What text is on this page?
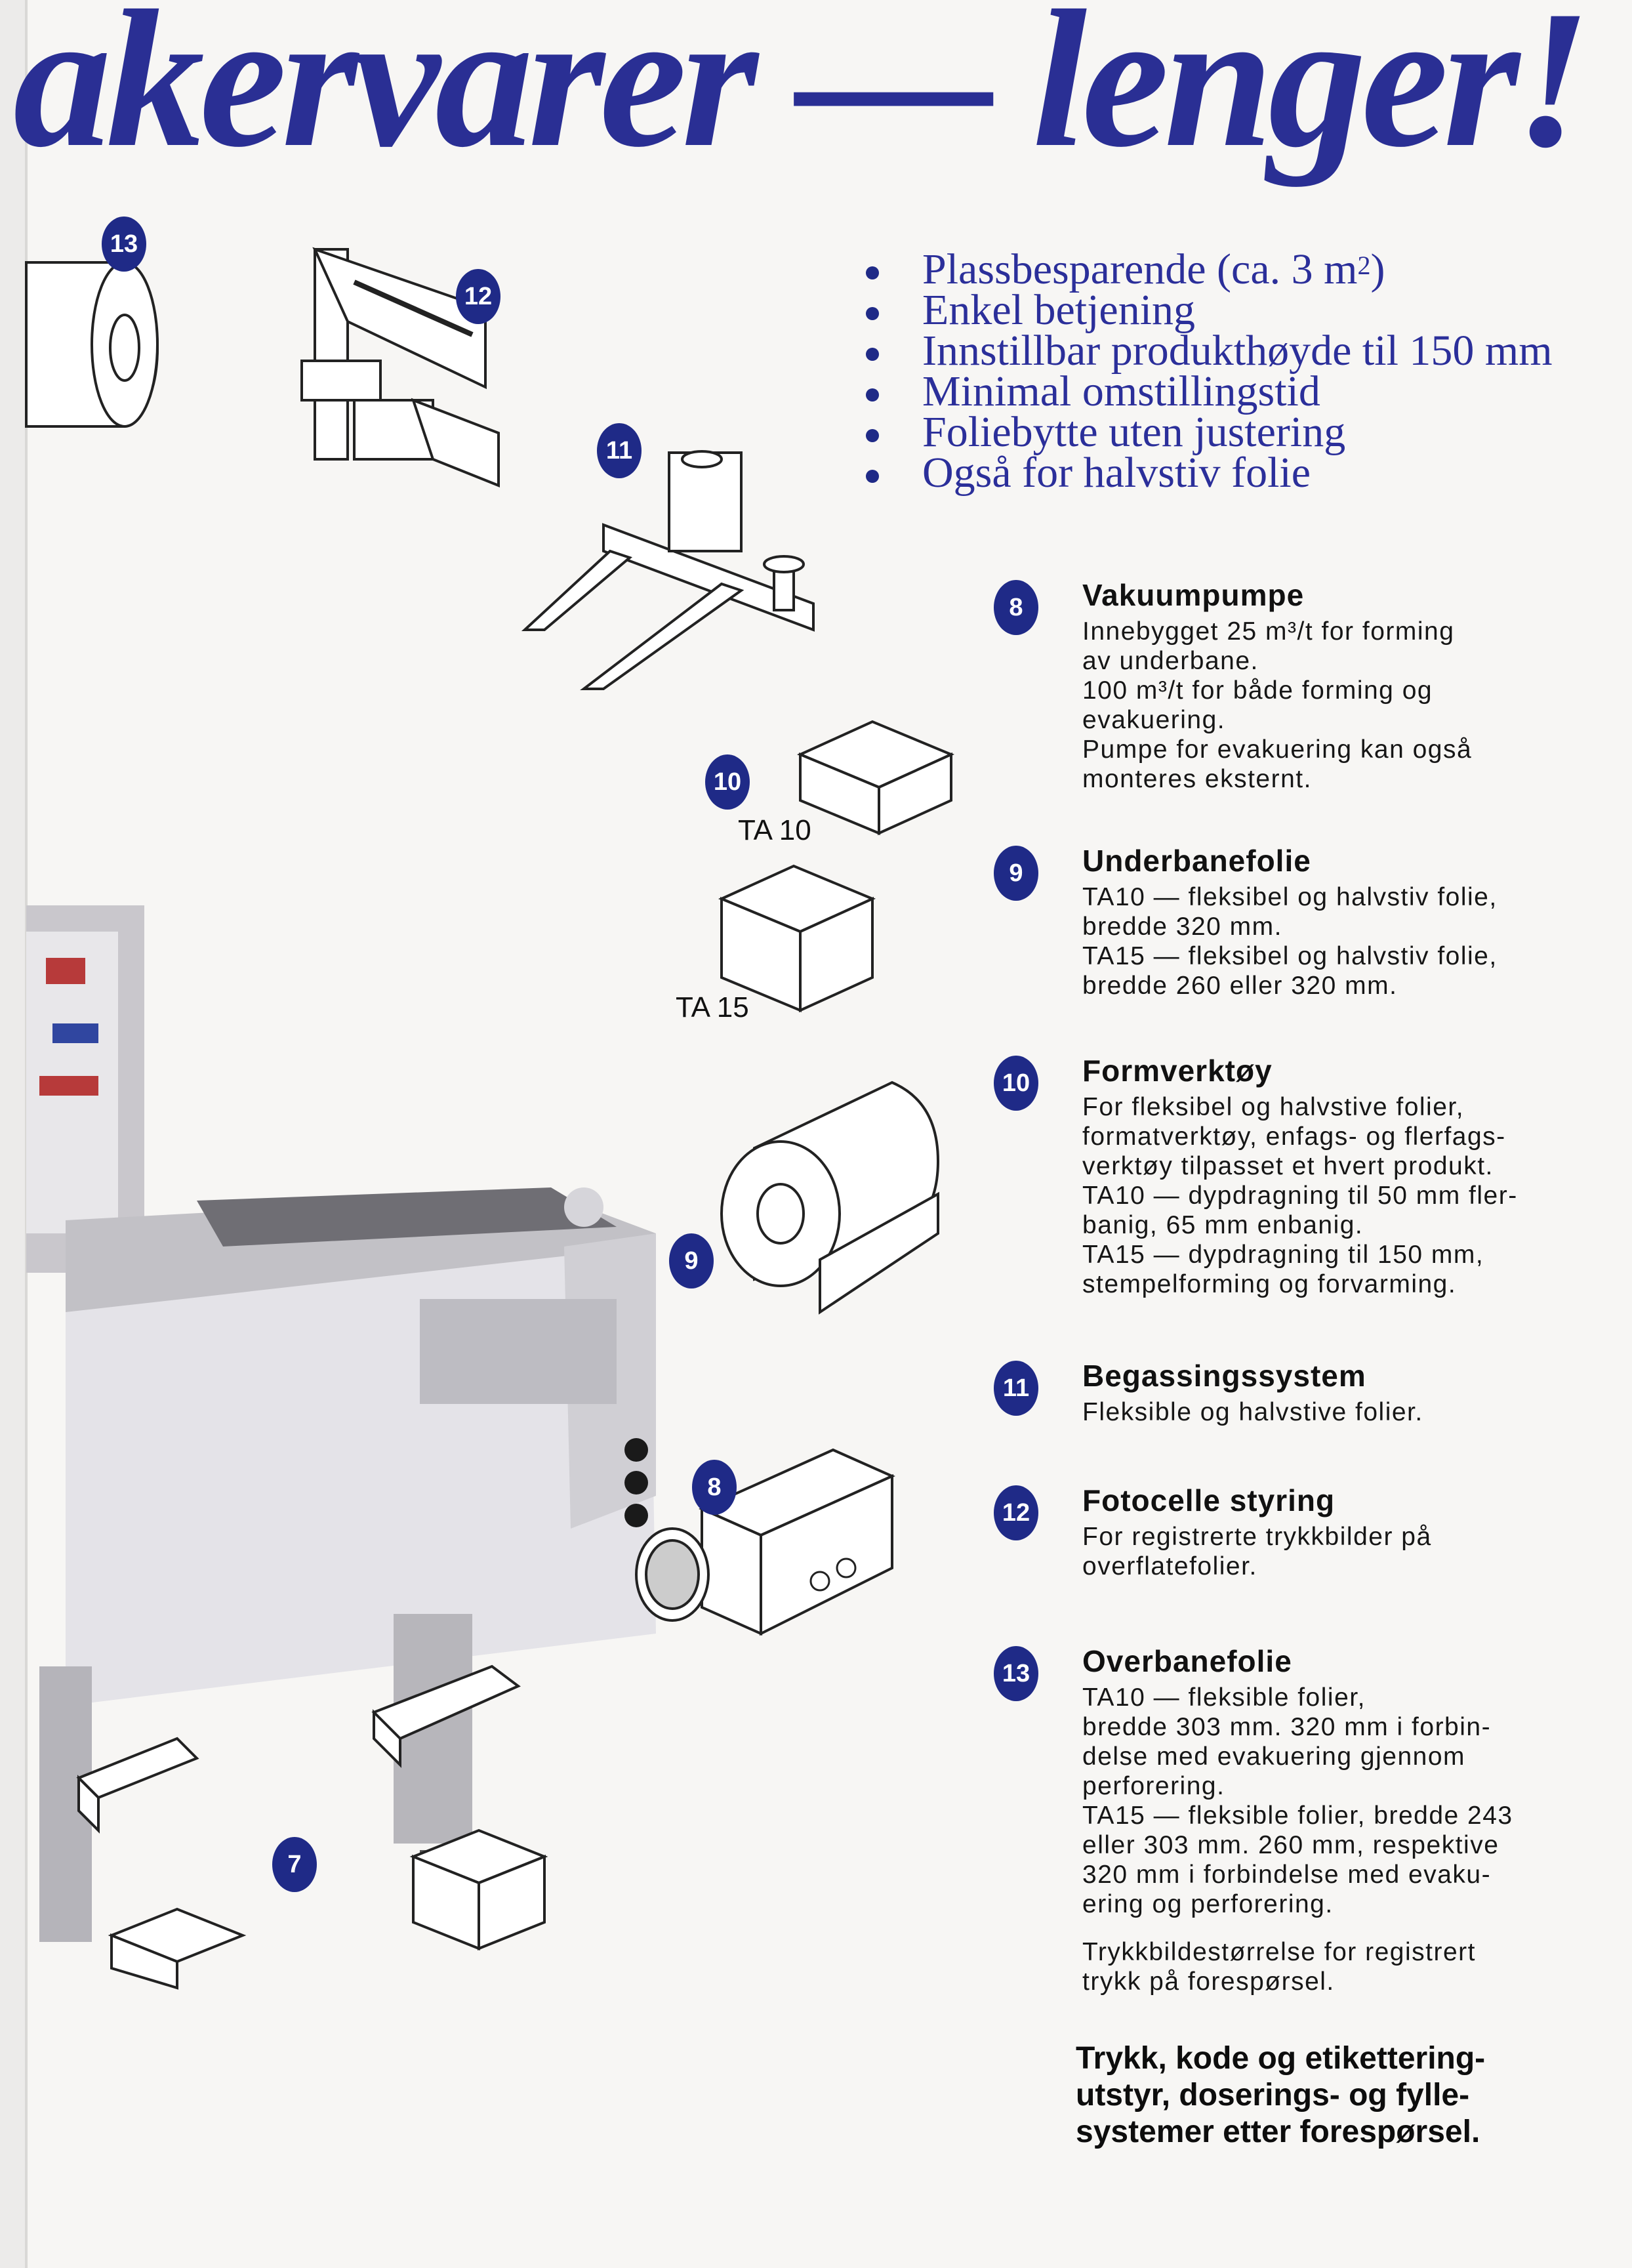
akervarer — lenger!
13
12
11
TA 10
TA 15
10
9
8
7
Plassbesparende (ca. 3 $m^2$)
Enkel betjening
Innstillbar produkthøyde til 150 mm
Minimal omstillingstid
Foliebytte uten justering
Også for halvstiv folie
8	Vakuumpumpe

Innebygget 25 m³/t for forming
av underbane.
100 m³/t for både forming og
evakuering.
Pumpe for evakuering kan også
monteres eksternt.

9	Underbanefolie

TA10 — fleksibel og halvstiv folie,
bredde 320 mm.
TA15 — fleksibel og halvstiv folie,
bredde 260 eller 320 mm.

10 Formverktøy

For fleksibel og halvstive folier,
formatverktøy, enfags- og flerfags-
verktøy tilpasset et hvert produkt.
TA10 — dypdragning til 50 mm fler-
banig, 65 mm enbanig.
TA15 — dypdragning til 150 mm,
stempelforming og forvarming.

11	Begassingssystem

Fleksible og halvstive folier.

12 Fotocelle styring

For registrerte trykkbilder på
overflatefolier.

13 Overbanefolie

TA10 — fleksible folier,
bredde 303 mm. 320 mm i forbin-
delse med evakuering gjennom
perforering.
TA15 — fleksible folier, bredde 243
eller 303 mm. 260 mm, respektive
320 mm i forbindelse med evaku-
ering og perforering.

Trykkbildestørrelse for registrert
trykk på forespørsel.

Trykk, kode og etikettering-
utstyr, doserings- og fylle-
systemer etter forespørsel.
